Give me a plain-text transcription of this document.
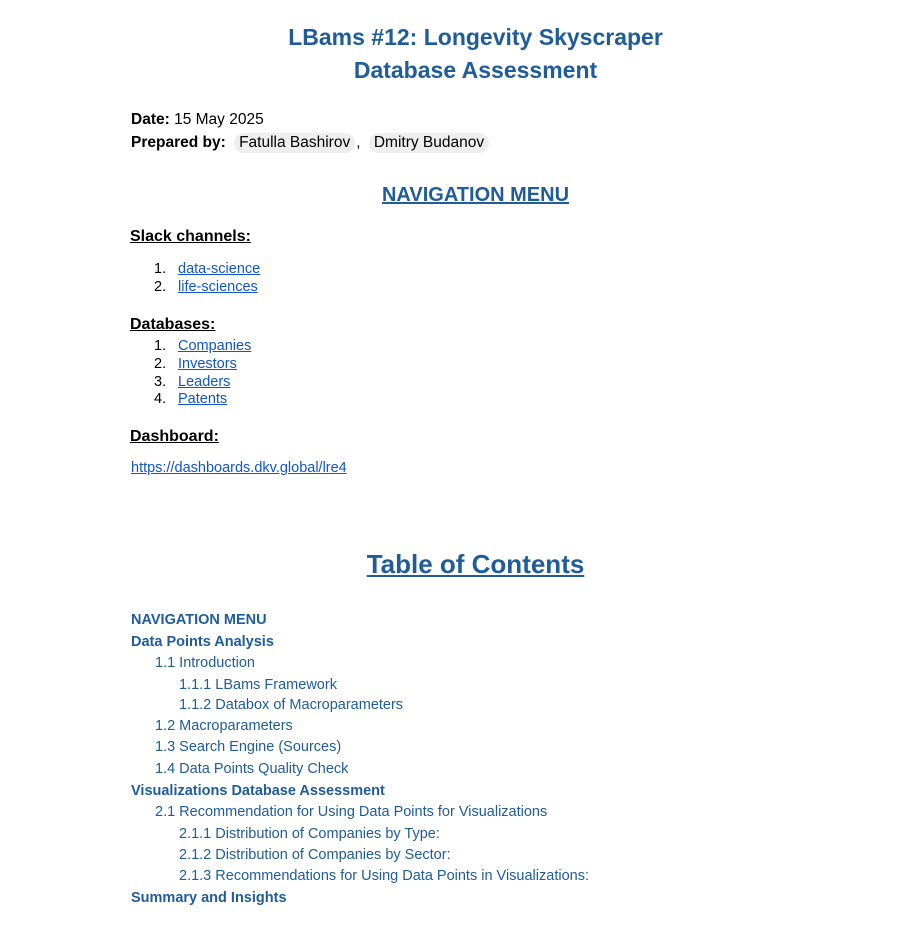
LBams #12: Longevity Skyscraper
Database Assessment
Date: 15 May 2025
Prepared by: Fatulla Bashirov , Dmitry Budanov
NAVIGATION MENU
Slack channels:
1. data-science
2. life-sciences
Databases:
1. Companies
2. Investors
3. Leaders
4. Patents
Dashboard:
https://dashboards.dkv.global/lre4
Table of Contents
NAVIGATION MENU
Data Points Analysis
1.1 Introduction
1.1.1 LBams Framework
1.1.2 Databox of Macroparameters
1.2 Macroparameters
1.3 Search Engine (Sources)
1.4 Data Points Quality Check
Visualizations Database Assessment
2.1 Recommendation for Using Data Points for Visualizations
2.1.1 Distribution of Companies by Type:
2.1.2 Distribution of Companies by Sector:
2.1.3 Recommendations for Using Data Points in Visualizations:
Summary and Insights
